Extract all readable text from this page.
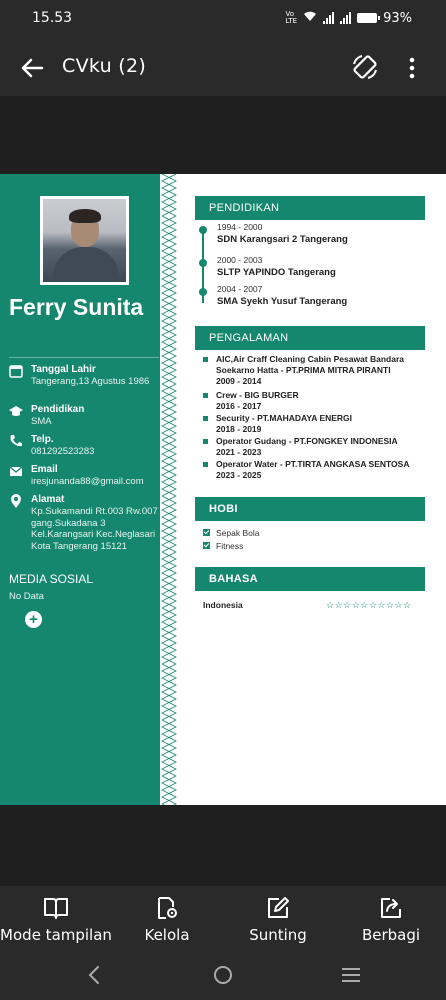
15.53	Vo
LTE	93%
CVku (2)
Ferry Sunita
Tanggal Lahir
Tangerang,13 Agustus 1986
Pendidikan
SMA
Telp.
081292523283
Email
iresjunanda88@gmail.com
Alamat
Kp.Sukamandi Rt.003 Rw.007 gang.Sukadana 3 Kel.Karangsari Kec.Neglasari Kota Tangerang 15121
MEDIA SOSIAL
No Data
+
PENDIDIKAN
1994 - 2000
SDN Karangsari 2 Tangerang
2000 - 2003
SLTP YAPINDO Tangerang
2004 - 2007
SMA Syekh Yusuf Tangerang
PENGALAMAN
AIC,Air Craff Cleaning Cabin Pesawat Bandara Soekarno Hatta - PT.PRIMA MITRA PIRANTI
2009 - 2014
Crew - BIG BURGER
2016 - 2017
Security - PT.MAHADAYA ENERGI
2018 - 2019
Operator Gudang - PT.FONGKEY INDONESIA
2021 - 2023
Operator Water - PT.TIRTA ANGKASA SENTOSA
2023 - 2025
HOBI
Sepak Bola
Fitness
BAHASA
Indonesia	☆☆☆☆☆☆☆☆☆☆
Mode tampilan	Kelola	Sunting	Berbagi
